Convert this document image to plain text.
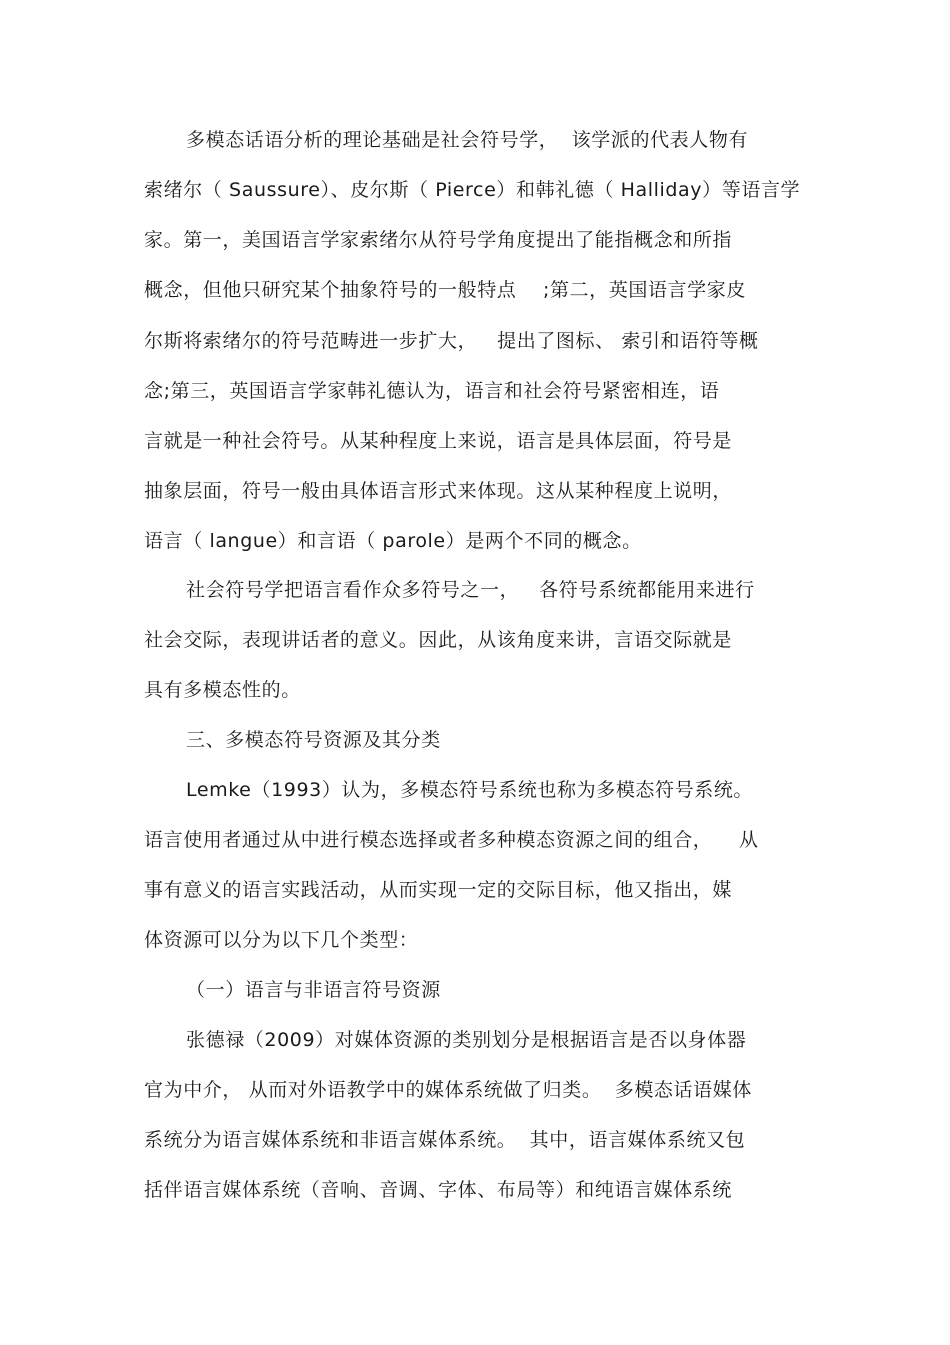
多模态话语分析的理论基础是社会符号学，  该学派的代表人物有
索绪尔（ Saussure）、皮尔斯（ Pierce）和韩礼德（ Halliday）等语言学
家。第一，美国语言学家索绪尔从符号学角度提出了能指概念和所指
概念，但他只研究某个抽象符号的一般特点    ;第二，英国语言学家皮
尔斯将索绪尔的符号范畴进一步扩大，   提出了图标、 索引和语符等概
念;第三，英国语言学家韩礼德认为，语言和社会符号紧密相连，语
言就是一种社会符号。从某种程度上来说，语言是具体层面，符号是
抽象层面，符号一般由具体语言形式来体现。这从某种程度上说明，
语言（ langue）和言语（ parole）是两个不同的概念。
社会符号学把语言看作众多符号之一，   各符号系统都能用来进行
社会交际，表现讲话者的意义。因此，从该角度来讲，言语交际就是
具有多模态性的。
三、多模态符号资源及其分类
Lemke（1993）认为，多模态符号系统也称为多模态符号系统。
语言使用者通过从中进行模态选择或者多种模态资源之间的组合，    从
事有意义的语言实践活动，从而实现一定的交际目标，他又指出，媒
体资源可以分为以下几个类型：
（一）语言与非语言符号资源
张德禄（2009）对媒体资源的类别划分是根据语言是否以身体器
官为中介， 从而对外语教学中的媒体系统做了归类。  多模态话语媒体
系统分为语言媒体系统和非语言媒体系统。  其中，语言媒体系统又包
括伴语言媒体系统（音响、音调、字体、布局等）和纯语言媒体系统
